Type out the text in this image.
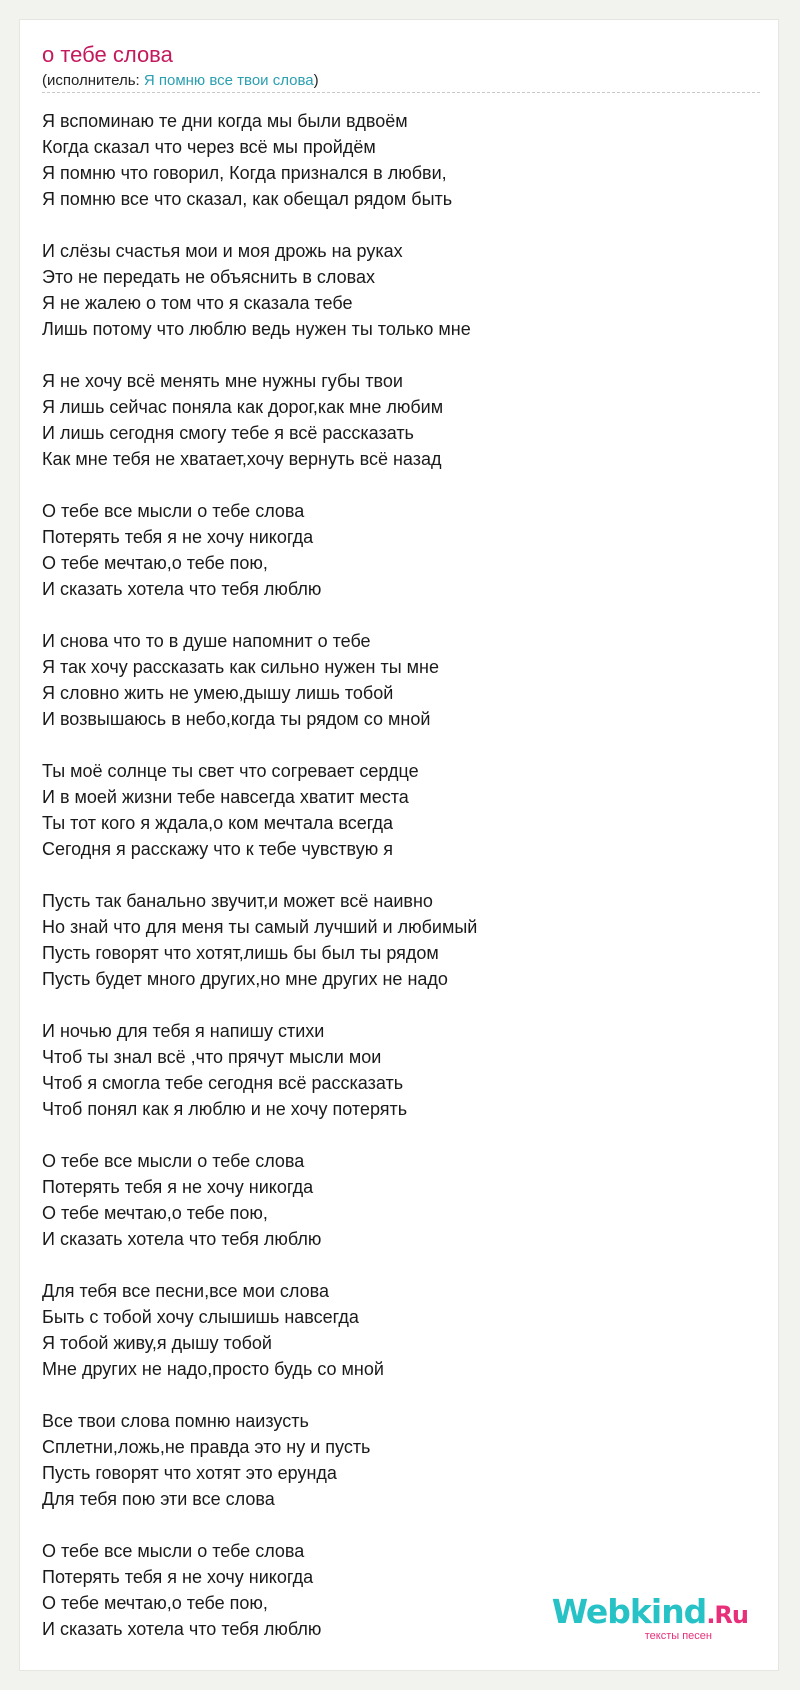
о тебе слова
(исполнитель: Я помню все твои слова)
Я вспоминаю те дни когда мы были вдвоём
Когда сказал что через всё мы пройдём
Я помню что говорил, Когда признался в любви,
Я помню все что сказал, как обещал рядом быть
И слёзы счастья мои и моя дрожь на руках
Это не передать не объяснить в словах
Я не жалею о том что я сказала тебе
Лишь потому что люблю ведь нужен ты только мне
Я не хочу всё менять мне нужны губы твои
Я лишь сейчас поняла как дорог,как мне любим
И лишь сегодня смогу тебе я всё рассказать
Как мне тебя не хватает,хочу вернуть всё назад
О тебе все мысли о тебе слова
Потерять тебя я не хочу никогда
О тебе мечтаю,о тебе пою,
И сказать хотела что тебя люблю
И снова что то в душе напомнит о тебе
Я так хочу рассказать как сильно нужен ты мне
Я словно жить не умею,дышу лишь тобой
И возвышаюсь в небо,когда ты рядом со мной
Ты моё солнце ты свет что согревает сердце
И в моей жизни тебе навсегда хватит места
Ты тот кого я ждала,о ком мечтала всегда
Сегодня я расскажу что к тебе чувствую я
Пусть так банально звучит,и может всё наивно
Но знай что для меня ты самый лучший и любимый
Пусть говорят что хотят,лишь бы был ты рядом
Пусть будет много других,но мне других не надо
И ночью для тебя я напишу стихи
Чтоб ты знал всё ,что прячут мысли мои
Чтоб я смогла тебе сегодня всё рассказать
Чтоб понял как я люблю и не хочу потерять
О тебе все мысли о тебе слова
Потерять тебя я не хочу никогда
О тебе мечтаю,о тебе пою,
И сказать хотела что тебя люблю
Для тебя все песни,все мои слова
Быть с тобой хочу слышишь навсегда
Я тобой живу,я дышу тобой
Мне других не надо,просто будь со мной
Все твои слова помню наизусть
Сплетни,ложь,не правда это ну и пусть
Пусть говорят что хотят это ерунда
Для тебя пою эти все слова
О тебе все мысли о тебе слова
Потерять тебя я не хочу никогда
О тебе мечтаю,о тебе пою,
И сказать хотела что тебя люблю	Webkind.Ru
тексты песен
